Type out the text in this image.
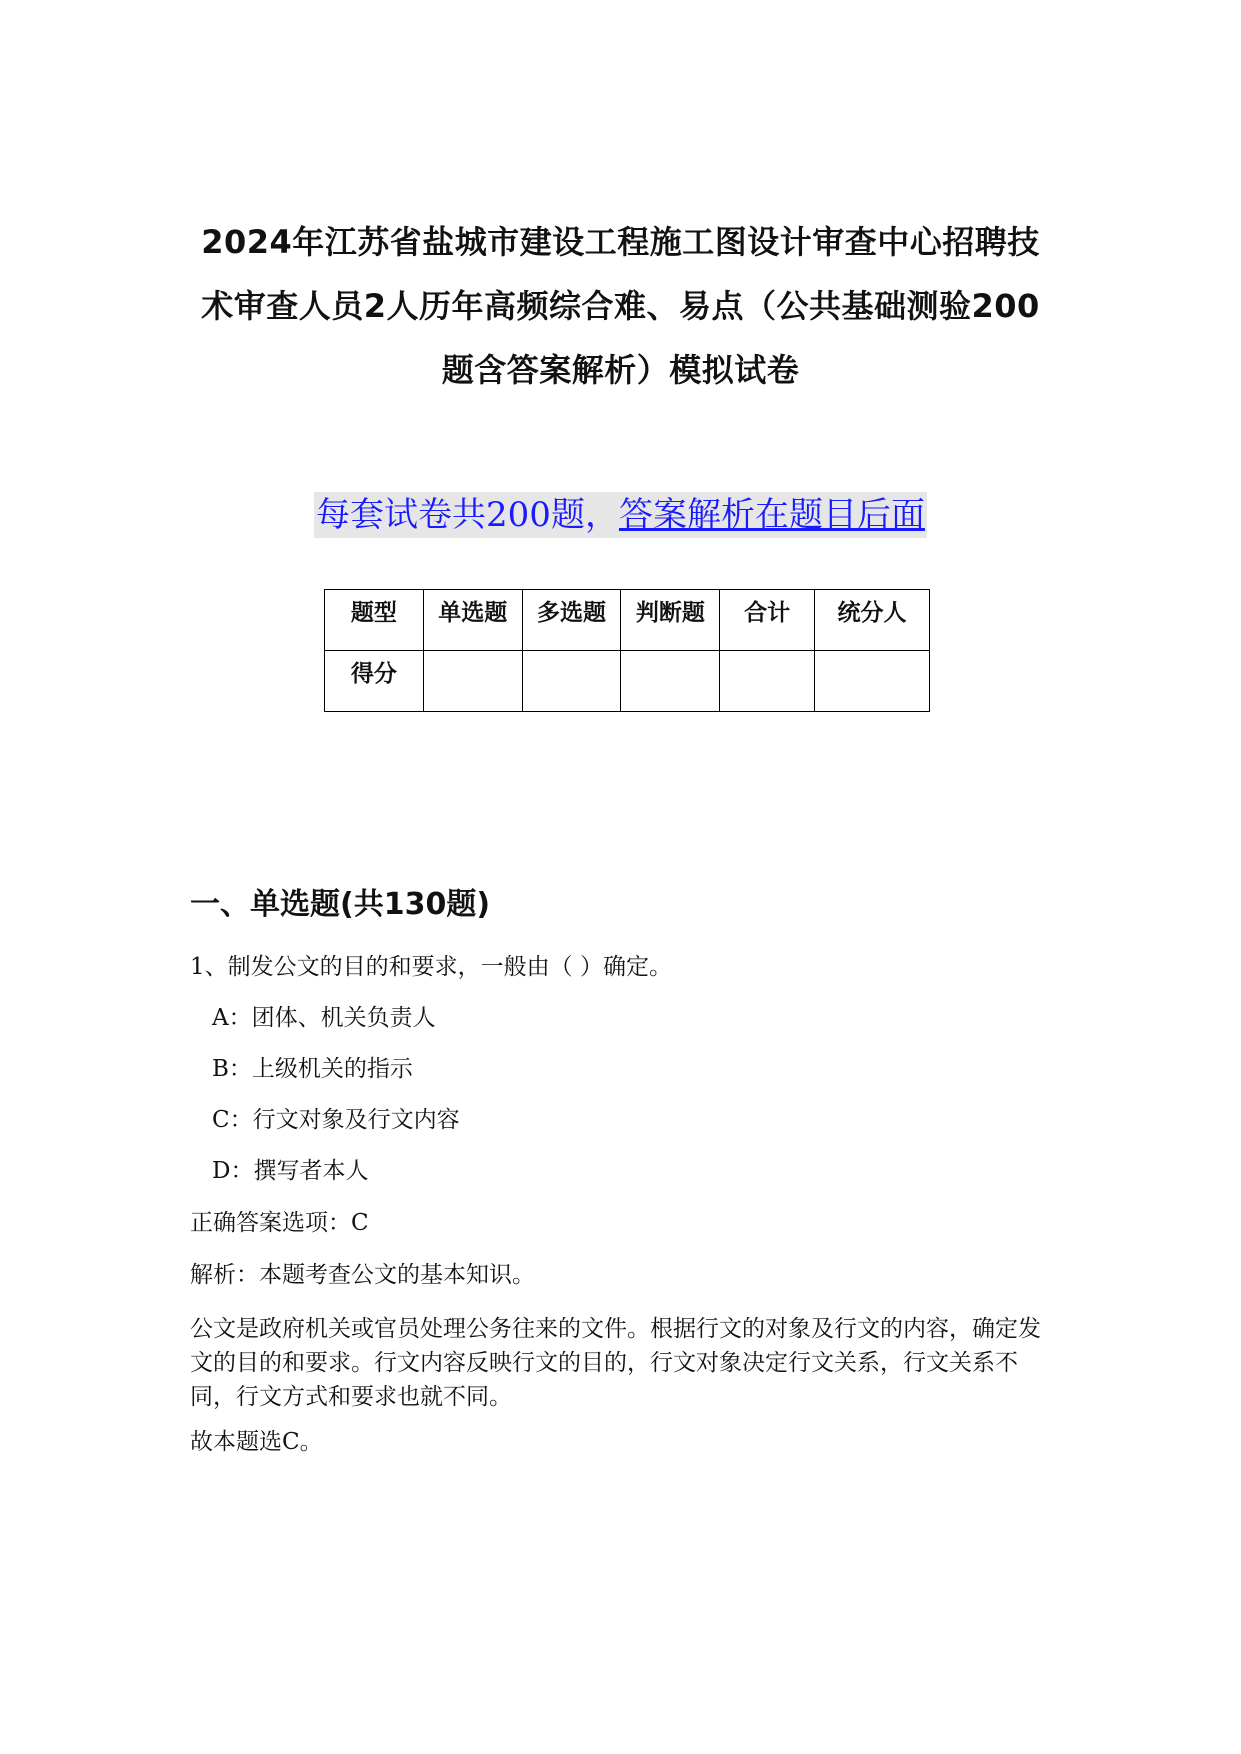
2024年江苏省盐城市建设工程施工图设计审查中心招聘技
术审查人员2人历年高频综合难、易点（公共基础测验200
题含答案解析）模拟试卷
每套试卷共200题，答案解析在题目后面
题型	单选题	多选题	判断题	合计	统分人
得分					
一、单选题(共130题)

1、制发公文的目的和要求，一般由（ ）确定。

A：团体、机关负责人

B：上级机关的指示

C：行文对象及行文内容

D：撰写者本人

正确答案选项：C

解析：本题考查公文的基本知识。

公文是政府机关或官员处理公务往来的文件。根据行文的对象及行文的内容，确定发文的目的和要求。行文内容反映行文的目的，行文对象决定行文关系，行文关系不同，行文方式和要求也就不同。

故本题选C。
